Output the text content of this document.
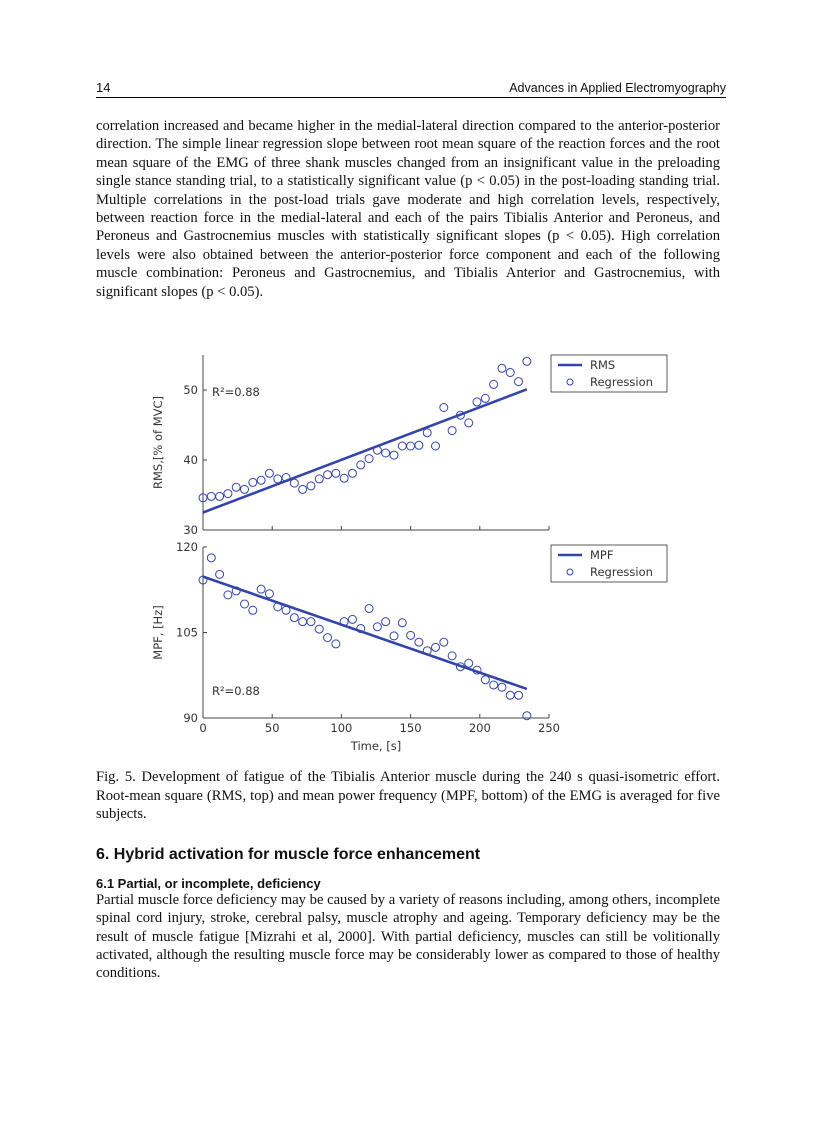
14	Advances in Applied Electromyography
correlation increased and became higher in the medial-lateral direction compared to the anterior-posterior direction. The simple linear regression slope between root mean square of the reaction forces and the root mean square of the EMG of three shank muscles changed from an insignificant value in the preloading single stance standing trial, to a statistically significant value (p < 0.05) in the post-loading standing trial. Multiple correlations in the post-load trials gave moderate and high correlation levels, respectively, between reaction force in the medial-lateral and each of the pairs Tibialis Anterior and Peroneus, and Peroneus and Gastrocnemius muscles with statistically significant slopes (p < 0.05). High correlation levels were also obtained between the anterior-posterior force component and each of the following muscle combination: Peroneus and Gastrocnemius, and Tibialis Anterior and Gastrocnemius, with significant slopes (p < 0.05).
30
40
50
RMS,[% of MVC]
R²=0.88
RMS
Regression
90
105
120
0	50	100	150	200	250
MPF, [Hz]
Time, [s]
R²=0.88
MPF
Regression
Fig. 5. Development of fatigue of the Tibialis Anterior muscle during the 240 s quasi-isometric effort. Root-mean square (RMS, top) and mean power frequency (MPF, bottom) of the EMG is averaged for five subjects.
6. Hybrid activation for muscle force enhancement
6.1 Partial, or incomplete, deficiency
Partial muscle force deficiency may be caused by a variety of reasons including, among others, incomplete spinal cord injury, stroke, cerebral palsy, muscle atrophy and ageing. Temporary deficiency may be the result of muscle fatigue [Mizrahi et al, 2000]. With partial deficiency, muscles can still be volitionally activated, although the resulting muscle force may be considerably lower as compared to those of healthy conditions.
